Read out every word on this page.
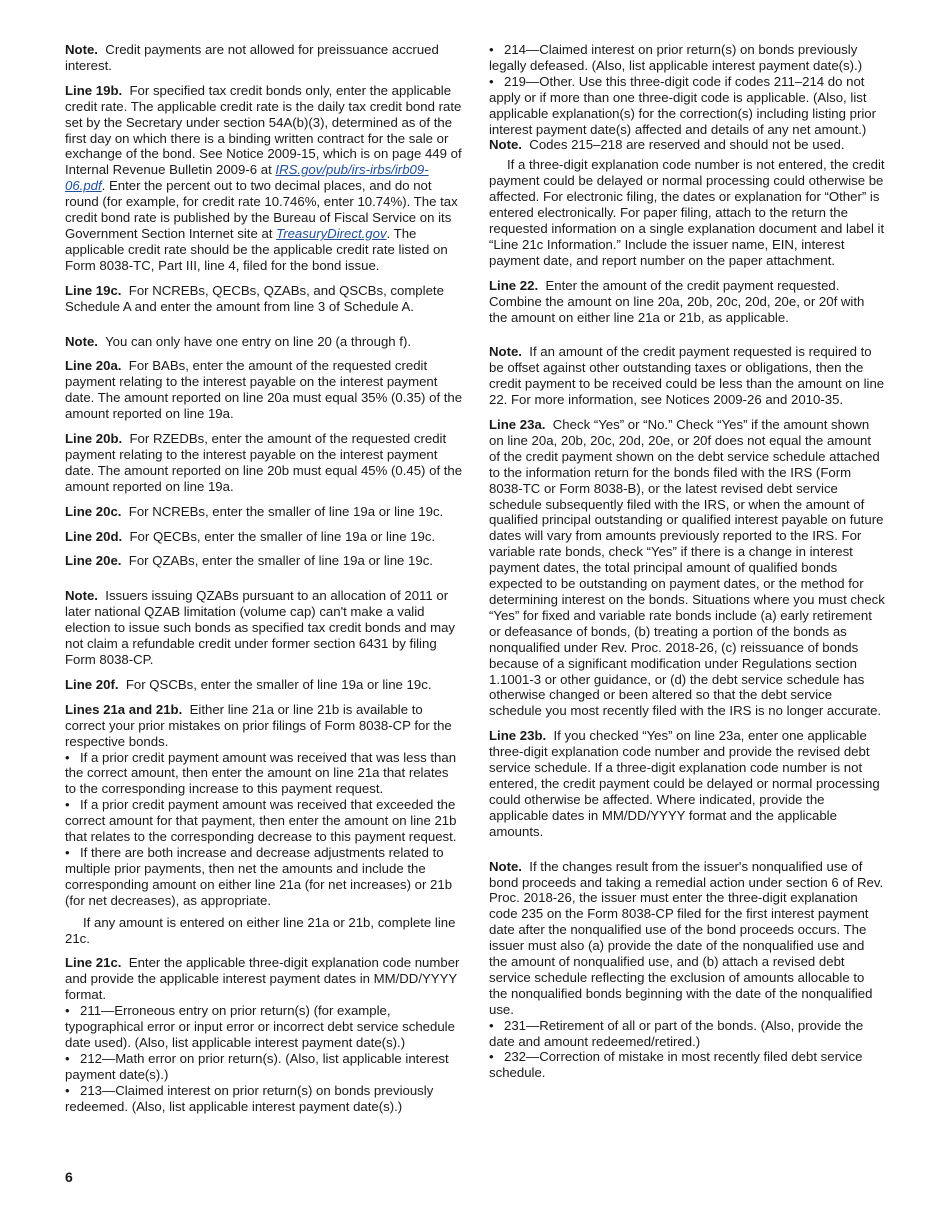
Note. Credit payments are not allowed for preissuance accrued interest.

Line 19b. For specified tax credit bonds only, enter the applicable credit rate. The applicable credit rate is the daily tax credit bond rate set by the Secretary under section 54A(b)(3), determined as of the first day on which there is a binding written contract for the sale or exchange of the bond. See Notice 2009-15, which is on page 449 of Internal Revenue Bulletin 2009-6 at IRS.gov/pub/irs-irbs/irb09-06.pdf. Enter the percent out to two decimal places, and do not round (for example, for credit rate 10.746%, enter 10.74%). The tax credit bond rate is published by the Bureau of Fiscal Service on its Government Section Internet site at TreasuryDirect.gov. The applicable credit rate should be the applicable credit rate listed on Form 8038-TC, Part III, line 4, filed for the bond issue.

Line 19c. For NCREBs, QECBs, QZABs, and QSCBs, complete Schedule A and enter the amount from line 3 of Schedule A.

Note. You can only have one entry on line 20 (a through f).

Line 20a. For BABs, enter the amount of the requested credit payment relating to the interest payable on the interest payment date. The amount reported on line 20a must equal 35% (0.35) of the amount reported on line 19a.

Line 20b. For RZEDBs, enter the amount of the requested credit payment relating to the interest payable on the interest payment date. The amount reported on line 20b must equal 45% (0.45) of the amount reported on line 19a.

Line 20c. For NCREBs, enter the smaller of line 19a or line 19c.

Line 20d. For QECBs, enter the smaller of line 19a or line 19c.

Line 20e. For QZABs, enter the smaller of line 19a or line 19c.

Note. Issuers issuing QZABs pursuant to an allocation of 2011 or later national QZAB limitation (volume cap) can't make a valid election to issue such bonds as specified tax credit bonds and may not claim a refundable credit under former section 6431 by filing Form 8038-CP.

Line 20f. For QSCBs, enter the smaller of line 19a or line 19c.

Lines 21a and 21b. Either line 21a or line 21b is available to correct your prior mistakes on prior filings of Form 8038-CP for the respective bonds.

• If a prior credit payment amount was received that was less than the correct amount, then enter the amount on line 21a that relates to the corresponding increase to this payment request.

• If a prior credit payment amount was received that exceeded the correct amount for that payment, then enter the amount on line 21b that relates to the corresponding decrease to this payment request.

• If there are both increase and decrease adjustments related to multiple prior payments, then net the amounts and include the corresponding amount on either line 21a (for net increases) or 21b (for net decreases), as appropriate.

If any amount is entered on either line 21a or 21b, complete line 21c.

Line 21c. Enter the applicable three-digit explanation code number and provide the applicable interest payment dates in MM/DD/YYYY format.

• 211—Erroneous entry on prior return(s) (for example, typographical error or input error or incorrect debt service schedule date used). (Also, list applicable interest payment date(s).)

• 212—Math error on prior return(s). (Also, list applicable interest payment date(s).)

• 213—Claimed interest on prior return(s) on bonds previously redeemed. (Also, list applicable interest payment date(s).)

• 214—Claimed interest on prior return(s) on bonds previously legally defeased. (Also, list applicable interest payment date(s).)

• 219—Other. Use this three-digit code if codes 211–214 do not apply or if more than one three-digit code is applicable. (Also, list applicable explanation(s) for the correction(s) including listing prior interest payment date(s) affected and details of any net amount.)

Note. Codes 215–218 are reserved and should not be used.

If a three-digit explanation code number is not entered, the credit payment could be delayed or normal processing could otherwise be affected. For electronic filing, the dates or explanation for “Other” is entered electronically. For paper filing, attach to the return the requested information on a single explanation document and label it “Line 21c Information.” Include the issuer name, EIN, interest payment date, and report number on the paper attachment.

Line 22. Enter the amount of the credit payment requested. Combine the amount on line 20a, 20b, 20c, 20d, 20e, or 20f with the amount on either line 21a or 21b, as applicable.

Note. If an amount of the credit payment requested is required to be offset against other outstanding taxes or obligations, then the credit payment to be received could be less than the amount on line 22. For more information, see Notices 2009-26 and 2010-35.

Line 23a. Check “Yes” or “No.” Check “Yes” if the amount shown on line 20a, 20b, 20c, 20d, 20e, or 20f does not equal the amount of the credit payment shown on the debt service schedule attached to the information return for the bonds filed with the IRS (Form 8038-TC or Form 8038-B), or the latest revised debt service schedule subsequently filed with the IRS, or when the amount of qualified principal outstanding or qualified interest payable on future dates will vary from amounts previously reported to the IRS. For variable rate bonds, check “Yes” if there is a change in interest payment dates, the total principal amount of qualified bonds expected to be outstanding on payment dates, or the method for determining interest on the bonds. Situations where you must check “Yes” for fixed and variable rate bonds include (a) early retirement or defeasance of bonds, (b) treating a portion of the bonds as nonqualified under Rev. Proc. 2018-26, (c) reissuance of bonds because of a significant modification under Regulations section 1.1001-3 or other guidance, or (d) the debt service schedule has otherwise changed or been altered so that the debt service schedule you most recently filed with the IRS is no longer accurate.

Line 23b. If you checked “Yes” on line 23a, enter one applicable three-digit explanation code number and provide the revised debt service schedule. If a three-digit explanation code number is not entered, the credit payment could be delayed or normal processing could otherwise be affected. Where indicated, provide the applicable dates in MM/DD/YYYY format and the applicable amounts.

Note. If the changes result from the issuer's nonqualified use of bond proceeds and taking a remedial action under section 6 of Rev. Proc. 2018-26, the issuer must enter the three-digit explanation code 235 on the Form 8038-CP filed for the first interest payment date after the nonqualified use of the bond proceeds occurs. The issuer must also (a) provide the date of the nonqualified use and the amount of nonqualified use, and (b) attach a revised debt service schedule reflecting the exclusion of amounts allocable to the nonqualified bonds beginning with the date of the nonqualified use.

• 231—Retirement of all or part of the bonds. (Also, provide the date and amount redeemed/retired.)

• 232—Correction of mistake in most recently filed debt service schedule.

6
